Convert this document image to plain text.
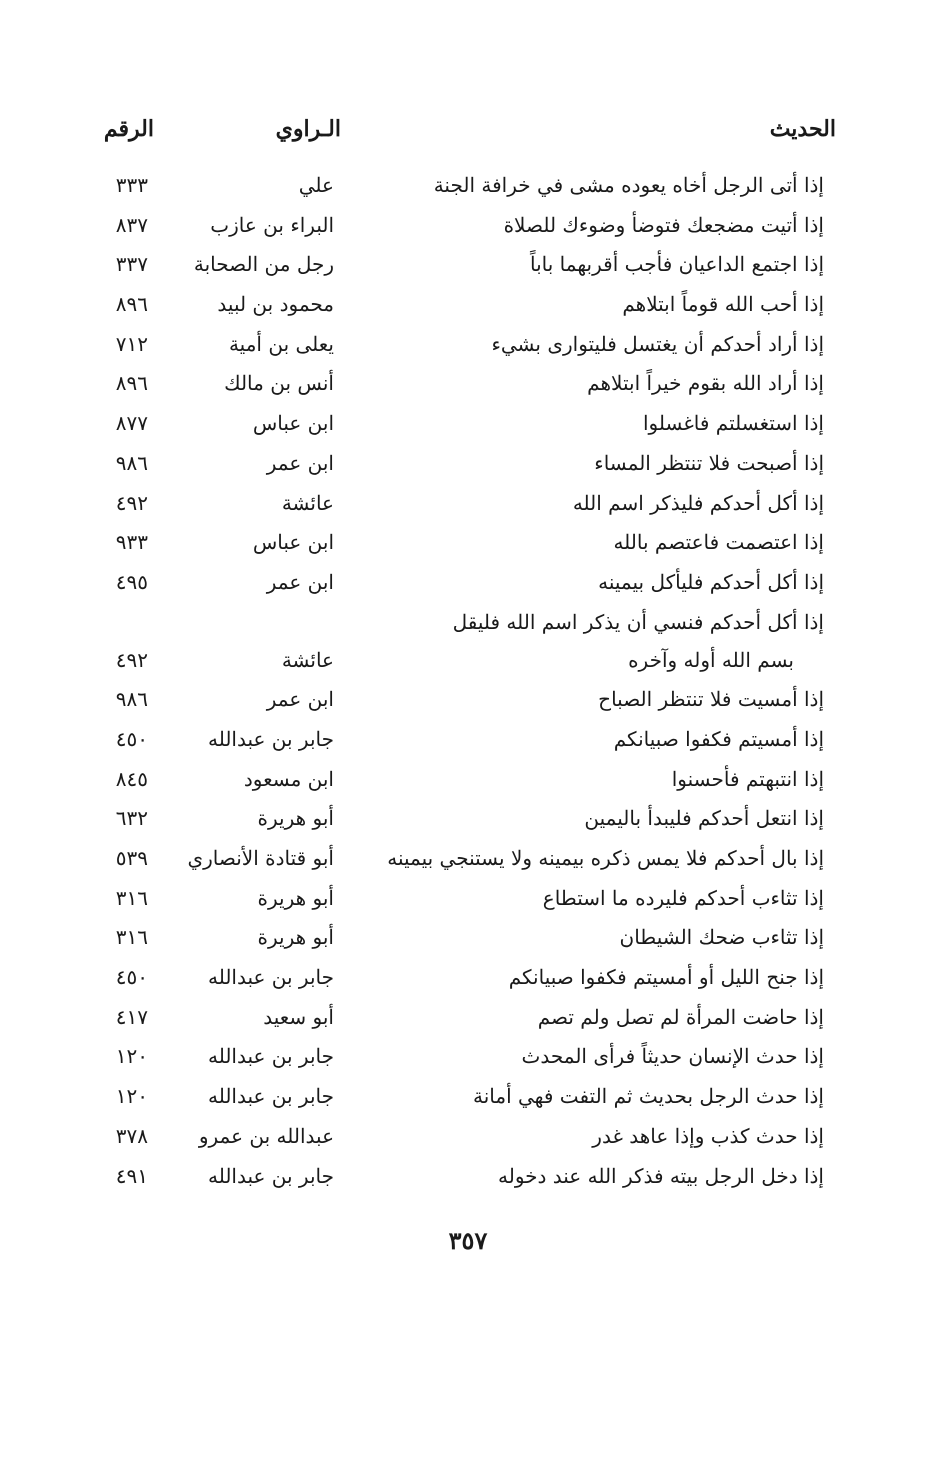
الحديث
الـراوي
الرقم
إذا أتى الرجل أخاه يعوده مشى في خرافة الجنة
علي
٣٣٣
إذا أتيت مضجعك فتوضأ وضوءك للصلاة
البراء بن عازب
٨٣٧
إذا اجتمع الداعيان فأجب أقربهما باباً
رجل من الصحابة
٣٣٧
إذا أحب الله قوماً ابتلاهم
محمود بن لبيد
٨٩٦
إذا أراد أحدكم أن يغتسل فليتوارى بشيء
يعلى بن أمية
٧١٢
إذا أراد الله بقوم خيراً ابتلاهم
أنس بن مالك
٨٩٦
إذا استغسلتم فاغسلوا
ابن عباس
٨٧٧
إذا أصبحت فلا تنتظر المساء
ابن عمر
٩٨٦
إذا أكل أحدكم فليذكر اسم الله
عائشة
٤٩٢
إذا اعتصمت فاعتصم بالله
ابن عباس
٩٣٣
إذا أكل أحدكم فليأكل بيمينه
ابن عمر
٤٩٥
إذا أكل أحدكم فنسي أن يذكر اسم الله فليقل
بسم الله أوله وآخره
عائشة
٤٩٢
إذا أمسيت فلا تنتظر الصباح
ابن عمر
٩٨٦
إذا أمسيتم فكفوا صبيانكم
جابر بن عبدالله
٤٥٠
إذا انتبهتم فأحسنوا
ابن مسعود
٨٤٥
إذا انتعل أحدكم فليبدأ باليمين
أبو هريرة
٦٣٢
إذا بال أحدكم فلا يمس ذكره بيمينه ولا يستنجي بيمينه
أبو قتادة الأنصاري
٥٣٩
إذا تثاءب أحدكم فليرده ما استطاع
أبو هريرة
٣١٦
إذا تثاءب ضحك الشيطان
أبو هريرة
٣١٦
إذا جنح الليل أو أمسيتم فكفوا صبيانكم
جابر بن عبدالله
٤٥٠
إذا حاضت المرأة لم تصل ولم تصم
أبو سعيد
٤١٧
إذا حدث الإنسان حديثاً فرأى المحدث
جابر بن عبدالله
١٢٠
إذا حدث الرجل بحديث ثم التفت فهي أمانة
جابر بن عبدالله
١٢٠
إذا حدث كذب وإذا عاهد غدر
عبدالله بن عمرو
٣٧٨
إذا دخل الرجل بيته فذكر الله عند دخوله
جابر بن عبدالله
٤٩١
٣٥٧
